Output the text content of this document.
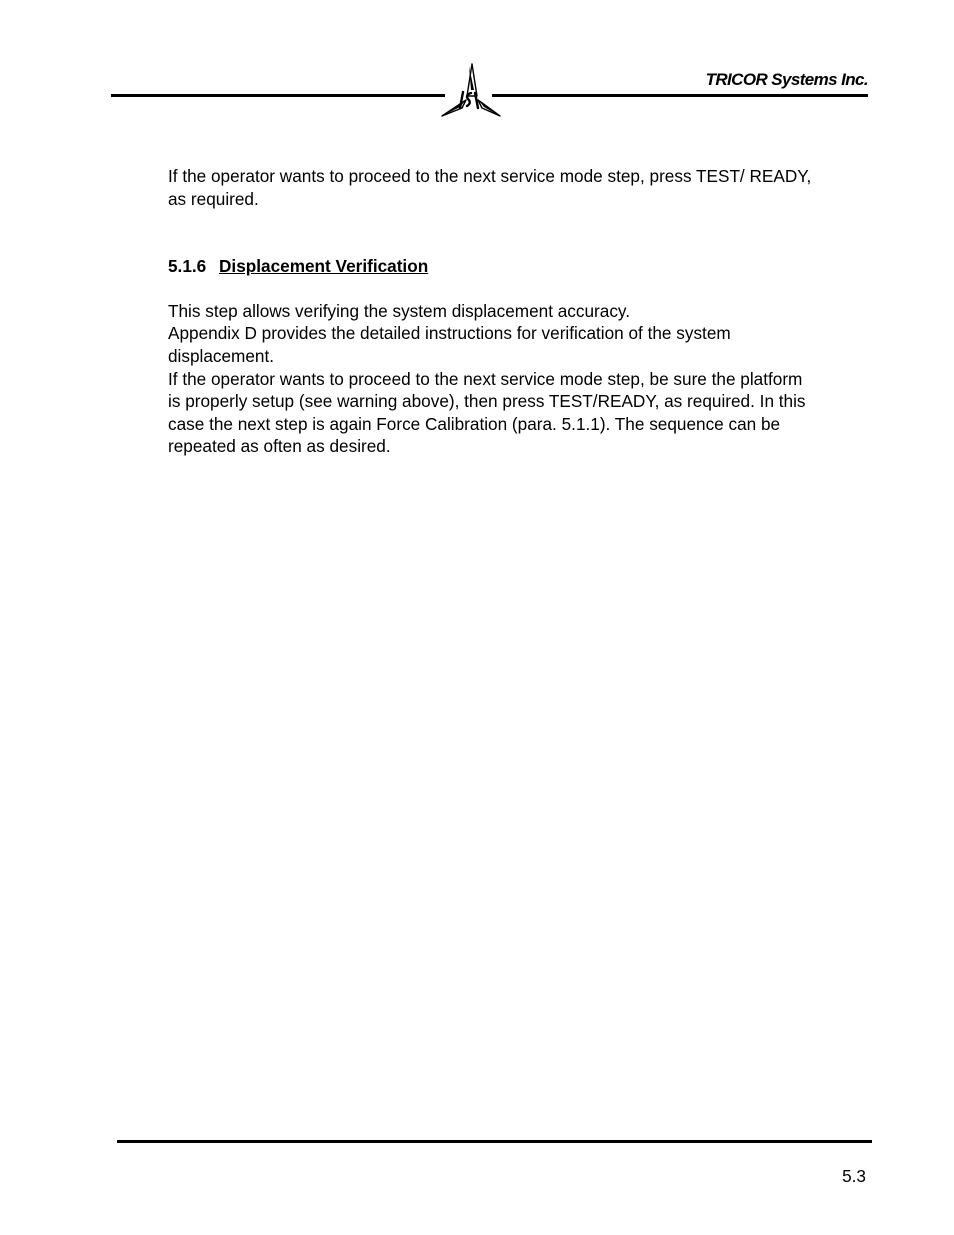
TRICOR Systems Inc.

If the operator wants to proceed to the next service mode step, press TEST/ READY, as required.

5.1.6 Displacement Verification

This step allows verifying the system displacement accuracy.

Appendix D provides the detailed instructions for verification of the system displacement.

If the operator wants to proceed to the next service mode step, be sure the platform is properly setup (see warning above), then press TEST/READY, as required. In this case the next step is again Force Calibration (para. 5.1.1). The sequence can be repeated as often as desired.

5.3
